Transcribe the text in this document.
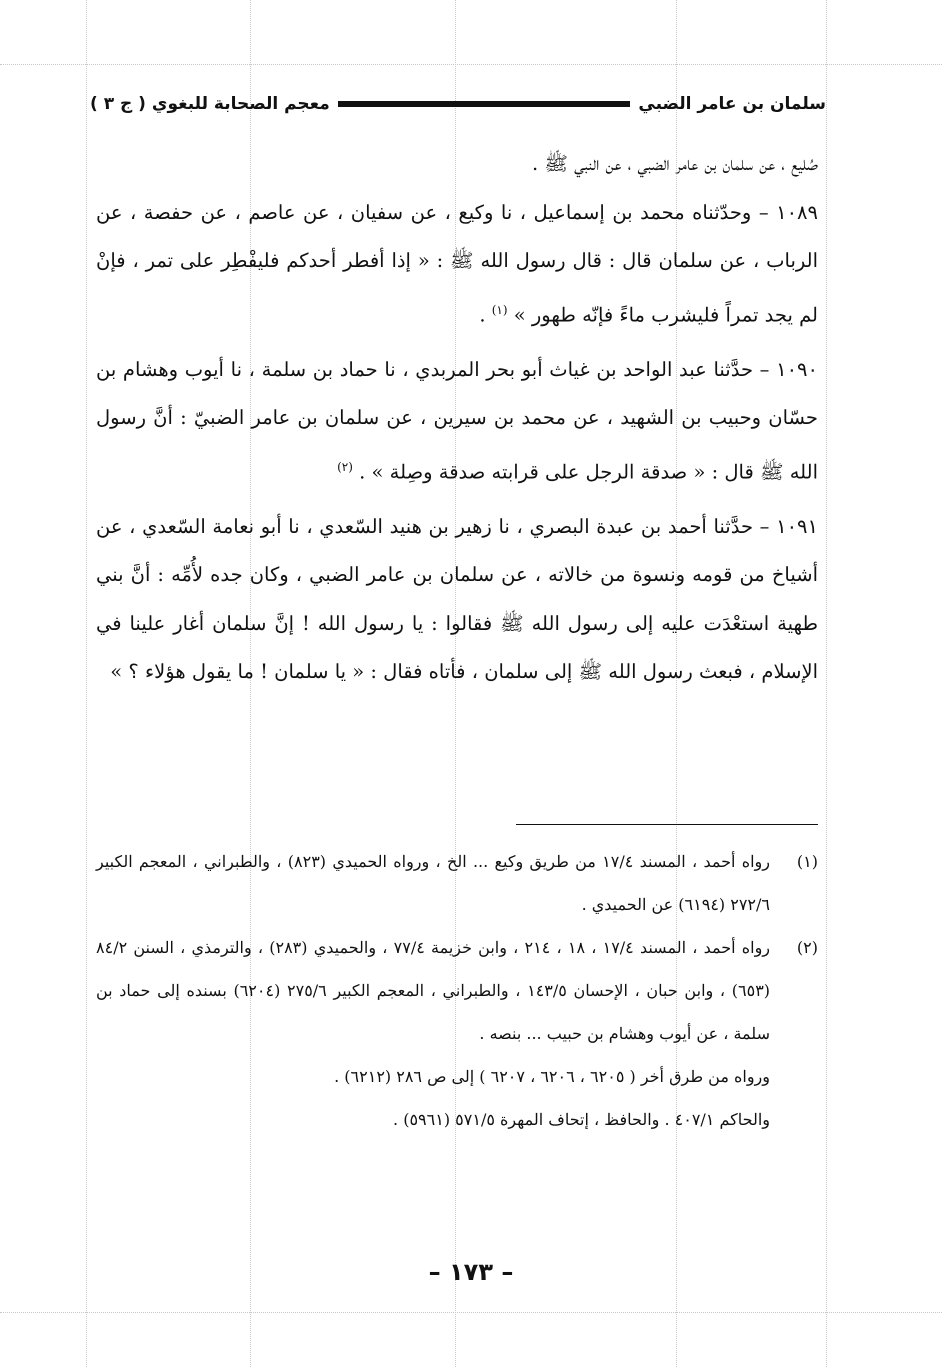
سلمان بن عامر الضبي
معجم الصحابة للبغوي ( ج ٣ )

صُليع ، عن سلمان بن عامر الضبي ، عن النبي ﷺ .

١٠٨٩ – وحدّثناه محمد بن إسماعيل ، نا وكيع ، عن سفيان ، عن عاصم ، عن حفصة ، عن الرباب ، عن سلمان قال : قال رسول الله ﷺ : « إذا أفطر أحدكم فليفْطِر على تمر ، فإنْ لم يجد تمراً فليشرب ماءً فإنّه طهور » $^{(١)}$ .

١٠٩٠ – حدَّثنا عبد الواحد بن غياث أبو بحر المربدي ، نا حماد بن سلمة ، نا أيوب وهشام بن حسّان وحبيب بن الشهيد ، عن محمد بن سيرين ، عن سلمان بن عامر الضبيّ : أنَّ رسول الله ﷺ قال : « صدقة الرجل على قرابته صدقة وصِلة » . $^{(٢)}$

١٠٩١ – حدَّثنا أحمد بن عبدة البصري ، نا زهير بن هنيد السّعدي ، نا أبو نعامة السّعدي ، عن أشياخ من قومه ونسوة من خالاته ، عن سلمان بن عامر الضبي ، وكان جده لأُمِّه : أنَّ بني طهية استعْدَت عليه إلى رسول الله ﷺ فقالوا : يا رسول الله ! إنَّ سلمان أغار علينا في الإسلام ، فبعث رسول الله ﷺ إلى سلمان ، فأتاه فقال : « يا سلمان ! ما يقول هؤلاء ؟ »

(١)
رواه أحمد ، المسند ١٧/٤ من طريق وكيع ... الخ ، ورواه الحميدي (٨٢٣) ، والطبراني ، المعجم الكبير ٢٧٢/٦ (٦١٩٤) عن الحميدي .
(٢)
رواه أحمد ، المسند ١٧/٤ ، ١٨ ، ٢١٤ ، وابن خزيمة ٧٧/٤ ، والحميدي (٢٨٣) ، والترمذي ، السنن ٨٤/٢ (٦٥٣) ، وابن حبان ، الإحسان ١٤٣/٥ ، والطبراني ، المعجم الكبير ٢٧٥/٦ (٦٢٠٤) بسنده إلى حماد بن سلمة ، عن أيوب وهشام بن حبيب ... بنصه .
ورواه من طرق أخر ( ٦٢٠٥ ، ٦٢٠٦ ، ٦٢٠٧ ) إلى ص ٢٨٦ (٦٢١٢) .
والحاكم ٤٠٧/١ . والحافظ ، إتحاف المهرة ٥٧١/٥ (٥٩٦١) .
– ١٧٣ –
